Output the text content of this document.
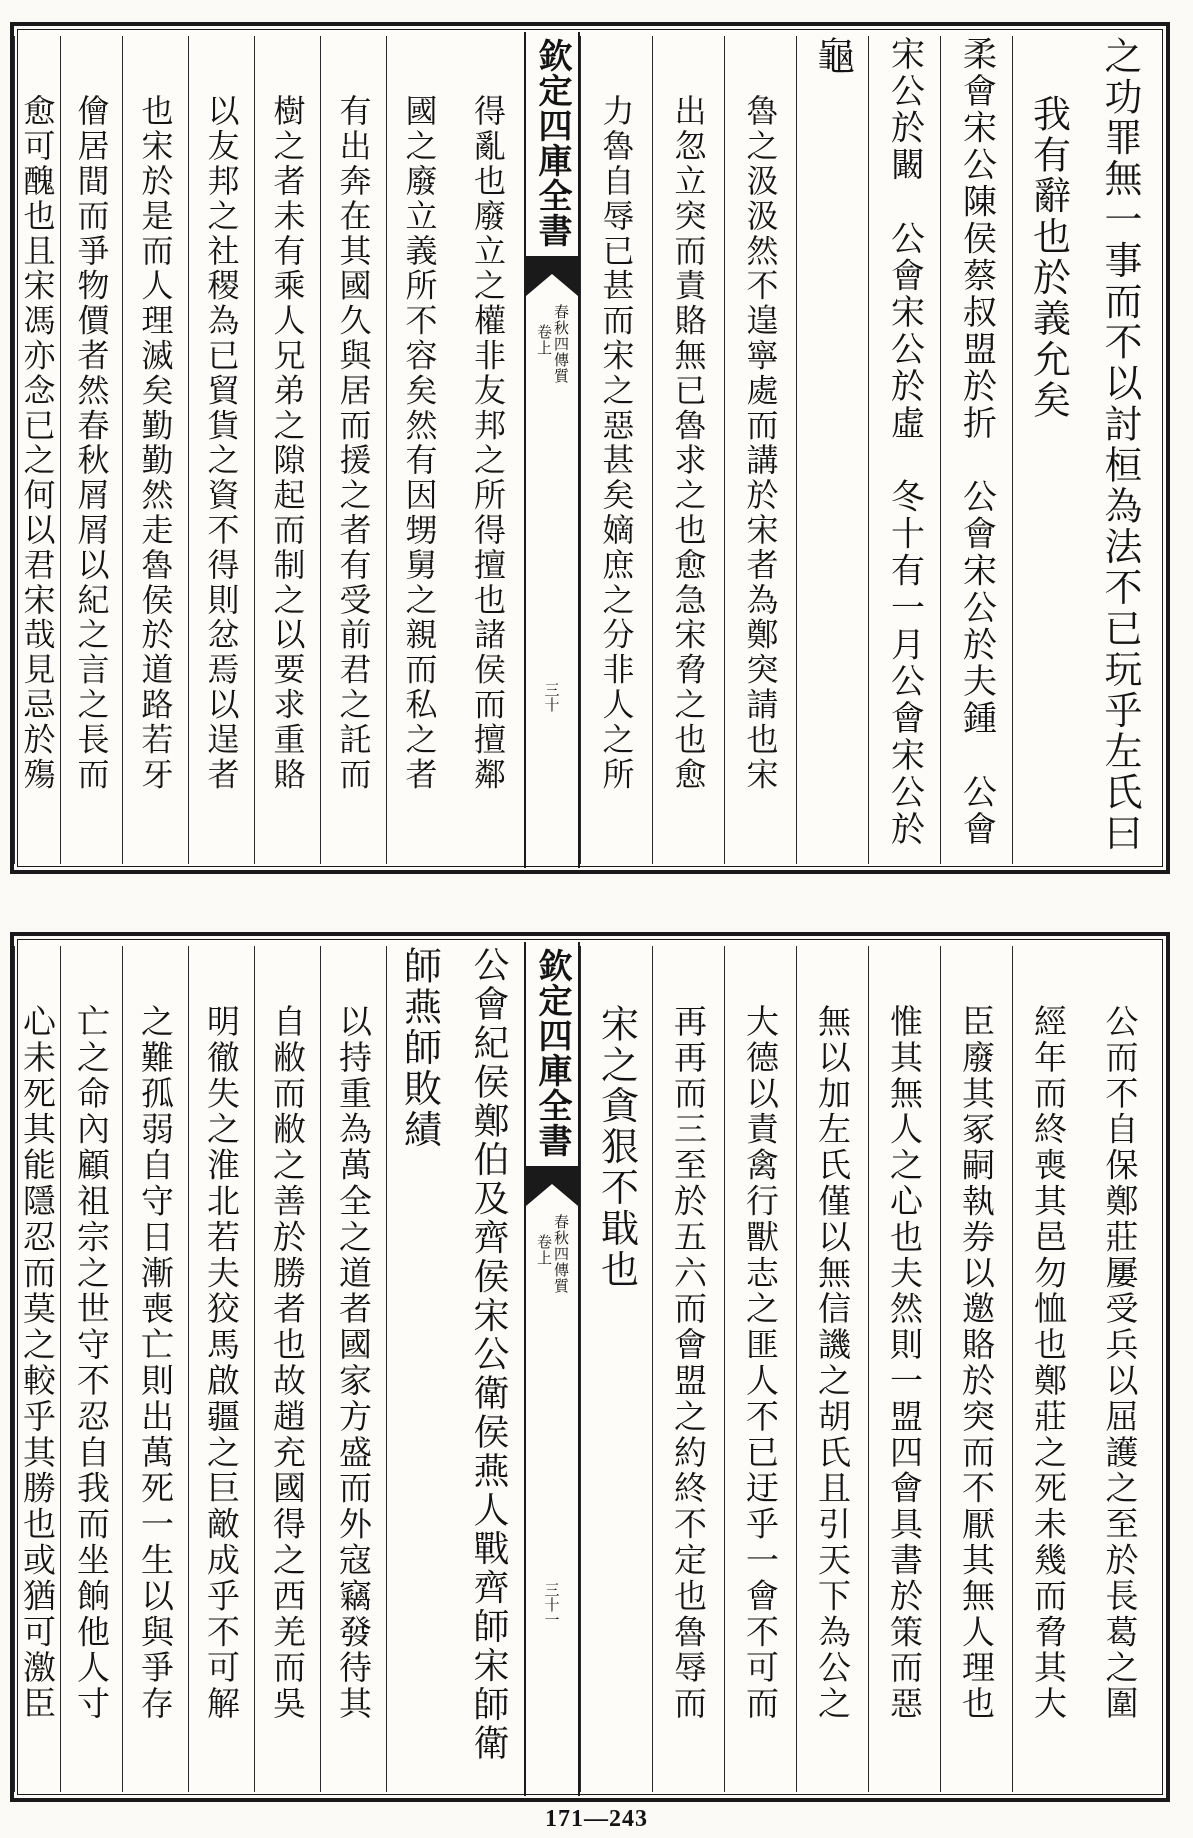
之功罪無一事而不以討桓為法不已玩乎左氏曰
我有辭也於義允矣
柔會宋公陳侯蔡叔盟於折　公會宋公於夫鍾　公會
宋公於闞　公會宋公於虛　冬十有一月公會宋公於
龜
魯之汲汲然不遑寧處而講於宋者為鄭突請也宋
出忽立突而責賂無已魯求之也愈急宋脅之也愈
力魯自辱已甚而宋之惡甚矣嫡庶之分非人之所
欽定四庫全書
春秋四傳質
卷上
三十
得亂也廢立之權非友邦之所得擅也諸侯而擅鄰
國之廢立義所不容矣然有因甥舅之親而私之者
有出奔在其國久與居而援之者有受前君之託而
樹之者未有乘人兄弟之隙起而制之以要求重賂
以友邦之社稷為已貿貨之資不得則忿焉以逞者
也宋於是而人理滅矣勤勤然走魯侯於道路若牙
儈居間而爭物價者然春秋屑屑以紀之言之長而
愈可醜也且宋馮亦念已之何以君宋哉見忌於殤
公而不自保鄭莊屢受兵以屈護之至於長葛之圍
經年而終喪其邑勿恤也鄭莊之死未幾而脅其大
臣廢其冢嗣執券以邀賂於突而不厭其無人理也
惟其無人之心也夫然則一盟四會具書於策而惡
無以加左氏僅以無信譏之胡氏且引天下為公之
大德以責禽行獸志之匪人不已迂乎一會不可而
再再而三至於五六而會盟之約終不定也魯辱而
宋之貪狠不戢也
欽定四庫全書
春秋四傳質
卷上
三十一
公會紀侯鄭伯及齊侯宋公衛侯燕人戰齊師宋師衛
師燕師敗績
以持重為萬全之道者國家方盛而外寇竊發待其
自敝而敝之善於勝者也故趙充國得之西羌而吳
明徹失之淮北若夫狡馬啟疆之巨敵成乎不可解
之難孤弱自守日漸喪亡則出萬死一生以與爭存
亡之命內顧祖宗之世守不忍自我而坐餉他人寸
心未死其能隱忍而莫之較乎其勝也或猶可激臣
171—243
